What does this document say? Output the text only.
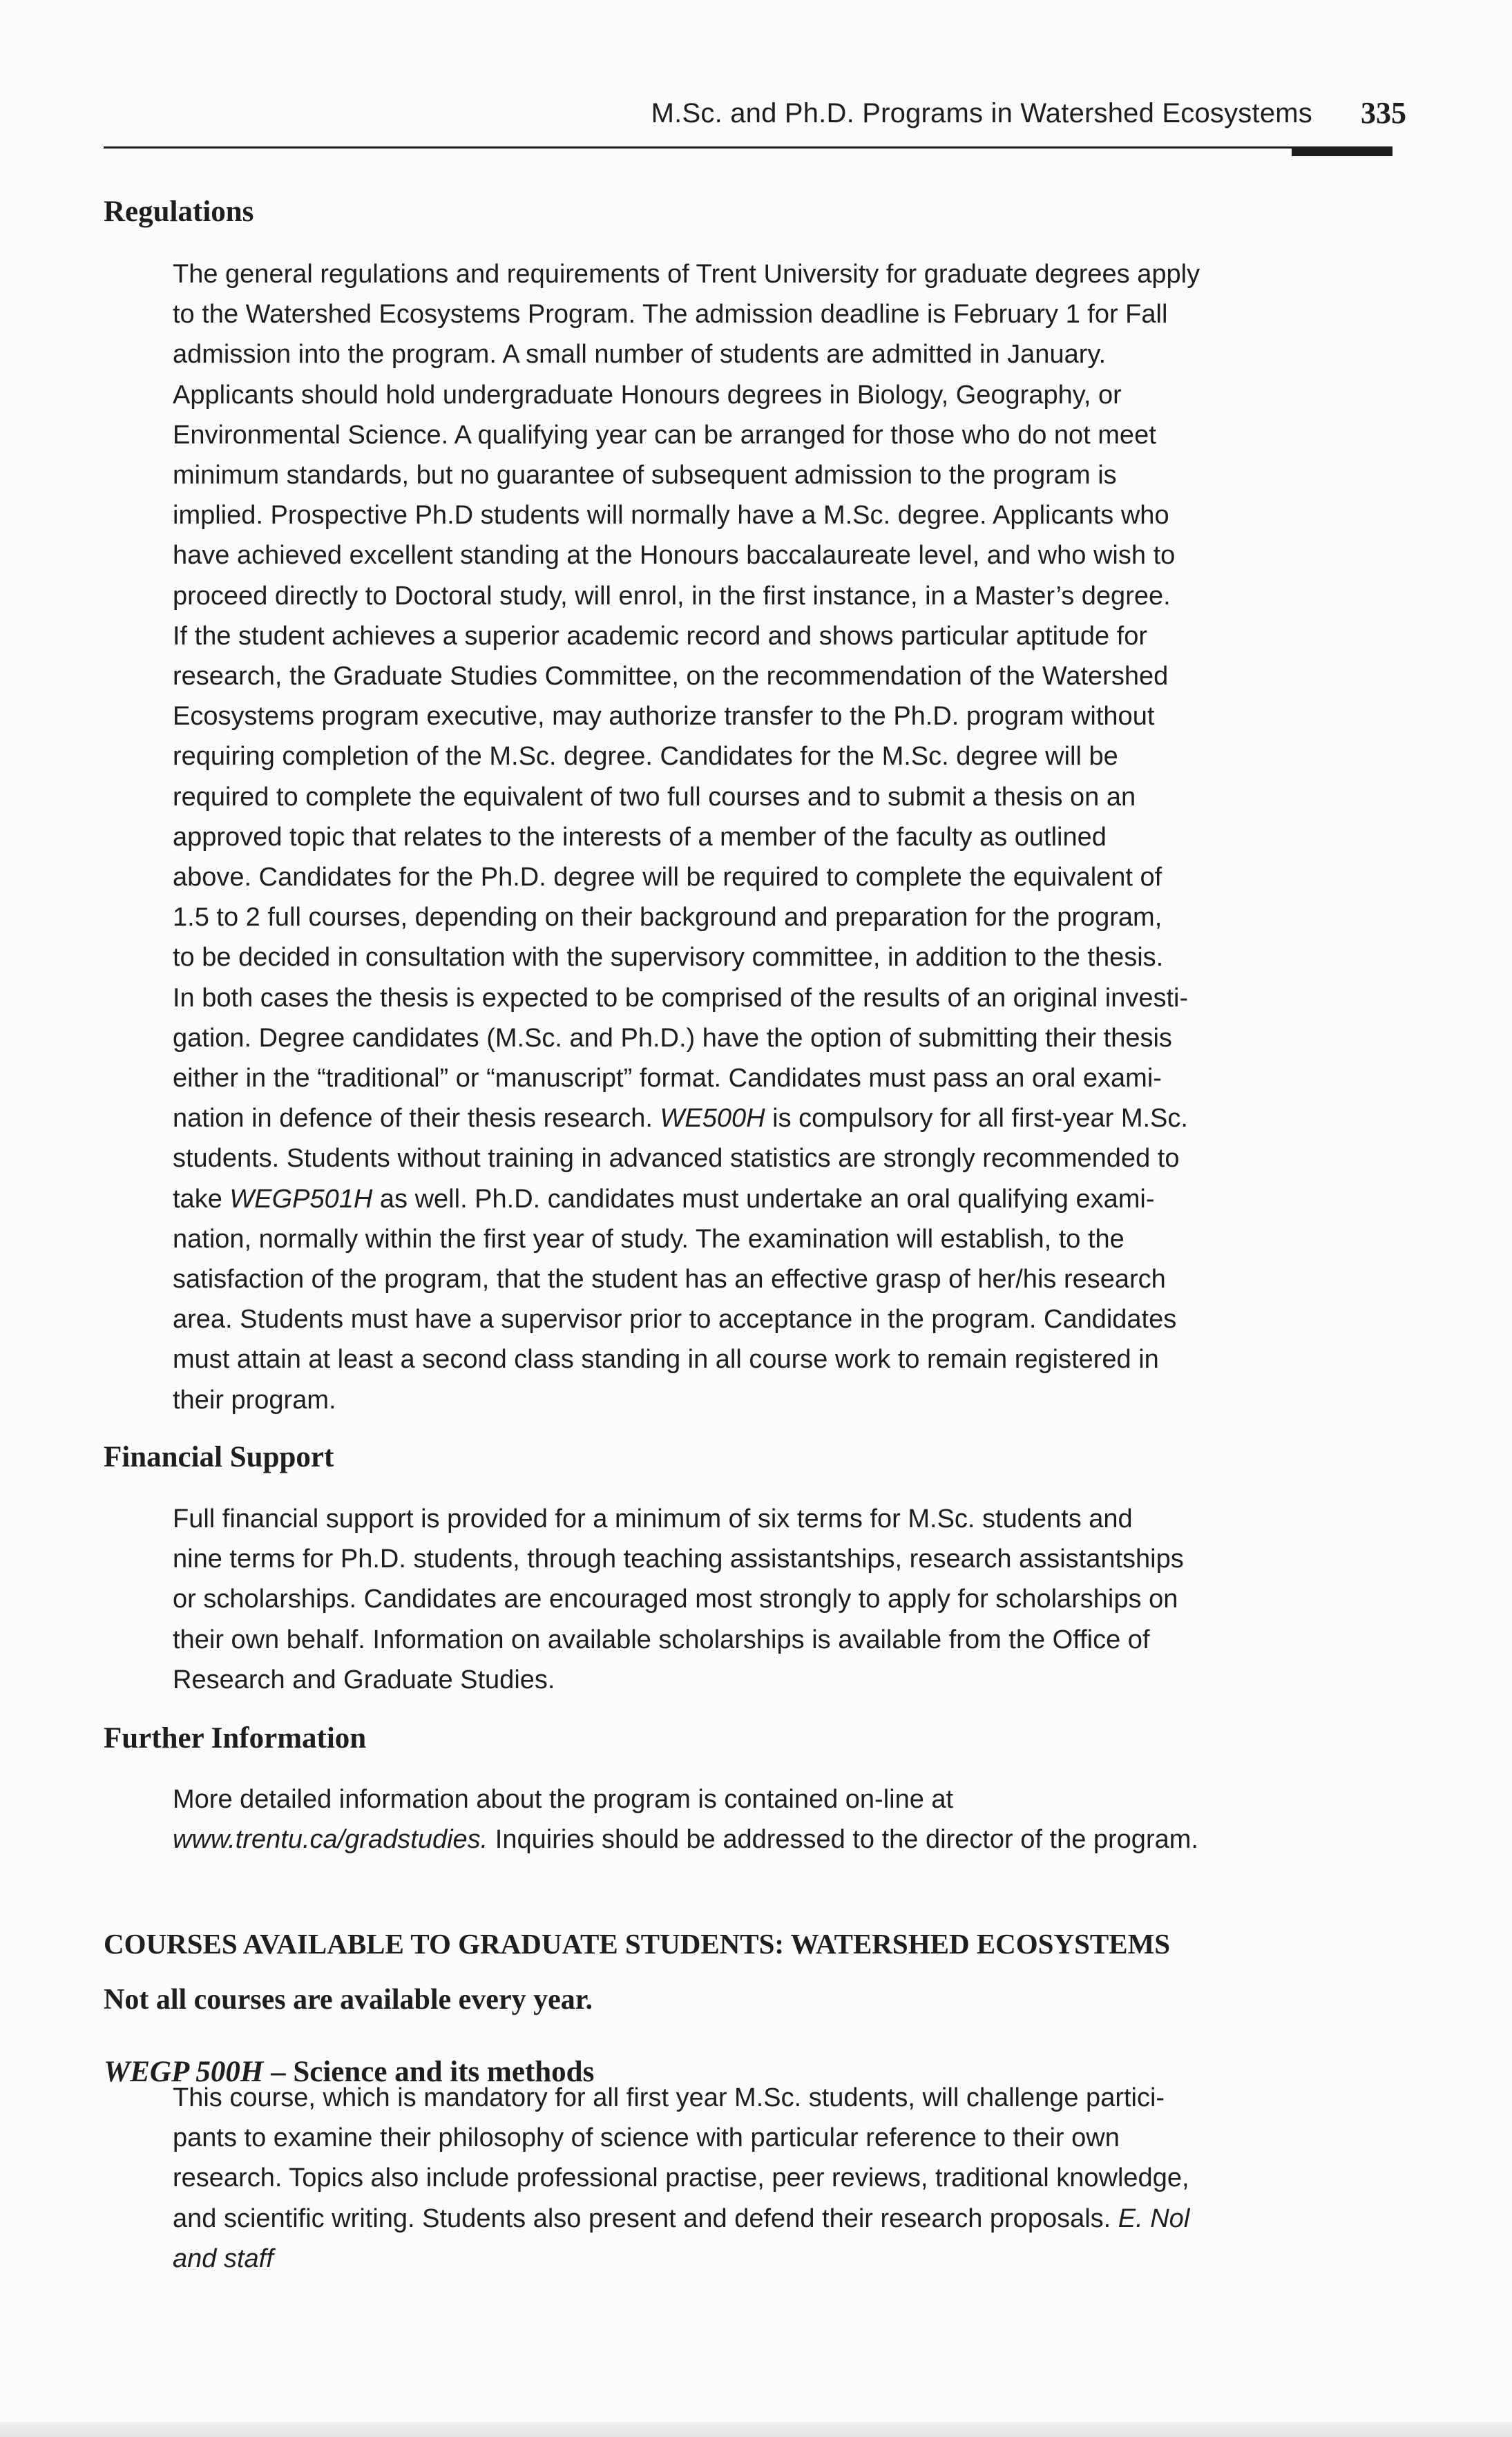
M.Sc. and Ph.D. Programs in Watershed Ecosystems 335
Regulations
The general regulations and requirements of Trent University for graduate degrees apply
to the Watershed Ecosystems Program. The admission deadline is February 1 for Fall
admission into the program. A small number of students are admitted in January.
Applicants should hold undergraduate Honours degrees in Biology, Geography, or
Environmental Science. A qualifying year can be arranged for those who do not meet
minimum standards, but no guarantee of subsequent admission to the program is
implied. Prospective Ph.D students will normally have a M.Sc. degree. Applicants who
have achieved excellent standing at the Honours baccalaureate level, and who wish to
proceed directly to Doctoral study, will enrol, in the first instance, in a Master’s degree.
If the student achieves a superior academic record and shows particular aptitude for
research, the Graduate Studies Committee, on the recommendation of the Watershed
Ecosystems program executive, may authorize transfer to the Ph.D. program without
requiring completion of the M.Sc. degree. Candidates for the M.Sc. degree will be
required to complete the equivalent of two full courses and to submit a thesis on an
approved topic that relates to the interests of a member of the faculty as outlined
above. Candidates for the Ph.D. degree will be required to complete the equivalent of
1.5 to 2 full courses, depending on their background and preparation for the program,
to be decided in consultation with the supervisory committee, in addition to the thesis.
In both cases the thesis is expected to be comprised of the results of an original investi-
gation. Degree candidates (M.Sc. and Ph.D.) have the option of submitting their thesis
either in the “traditional” or “manuscript” format. Candidates must pass an oral exami-
nation in defence of their thesis research. WE500H is compulsory for all first-year M.Sc.
students. Students without training in advanced statistics are strongly recommended to
take WEGP501H as well. Ph.D. candidates must undertake an oral qualifying exami-
nation, normally within the first year of study. The examination will establish, to the
satisfaction of the program, that the student has an effective grasp of her/his research
area. Students must have a supervisor prior to acceptance in the program. Candidates
must attain at least a second class standing in all course work to remain registered in
their program.
Financial Support
Full financial support is provided for a minimum of six terms for M.Sc. students and
nine terms for Ph.D. students, through teaching assistantships, research assistantships
or scholarships. Candidates are encouraged most strongly to apply for scholarships on
their own behalf. Information on available scholarships is available from the Office of
Research and Graduate Studies.
Further Information
More detailed information about the program is contained on-line at
www.trentu.ca/gradstudies. Inquiries should be addressed to the director of the program.
COURSES AVAILABLE TO GRADUATE STUDENTS: WATERSHED ECOSYSTEMS
Not all courses are available every year.
WEGP 500H – Science and its methods
This course, which is mandatory for all first year M.Sc. students, will challenge partici-
pants to examine their philosophy of science with particular reference to their own
research. Topics also include professional practise, peer reviews, traditional knowledge,
and scientific writing. Students also present and defend their research proposals. E. Nol
and staff
